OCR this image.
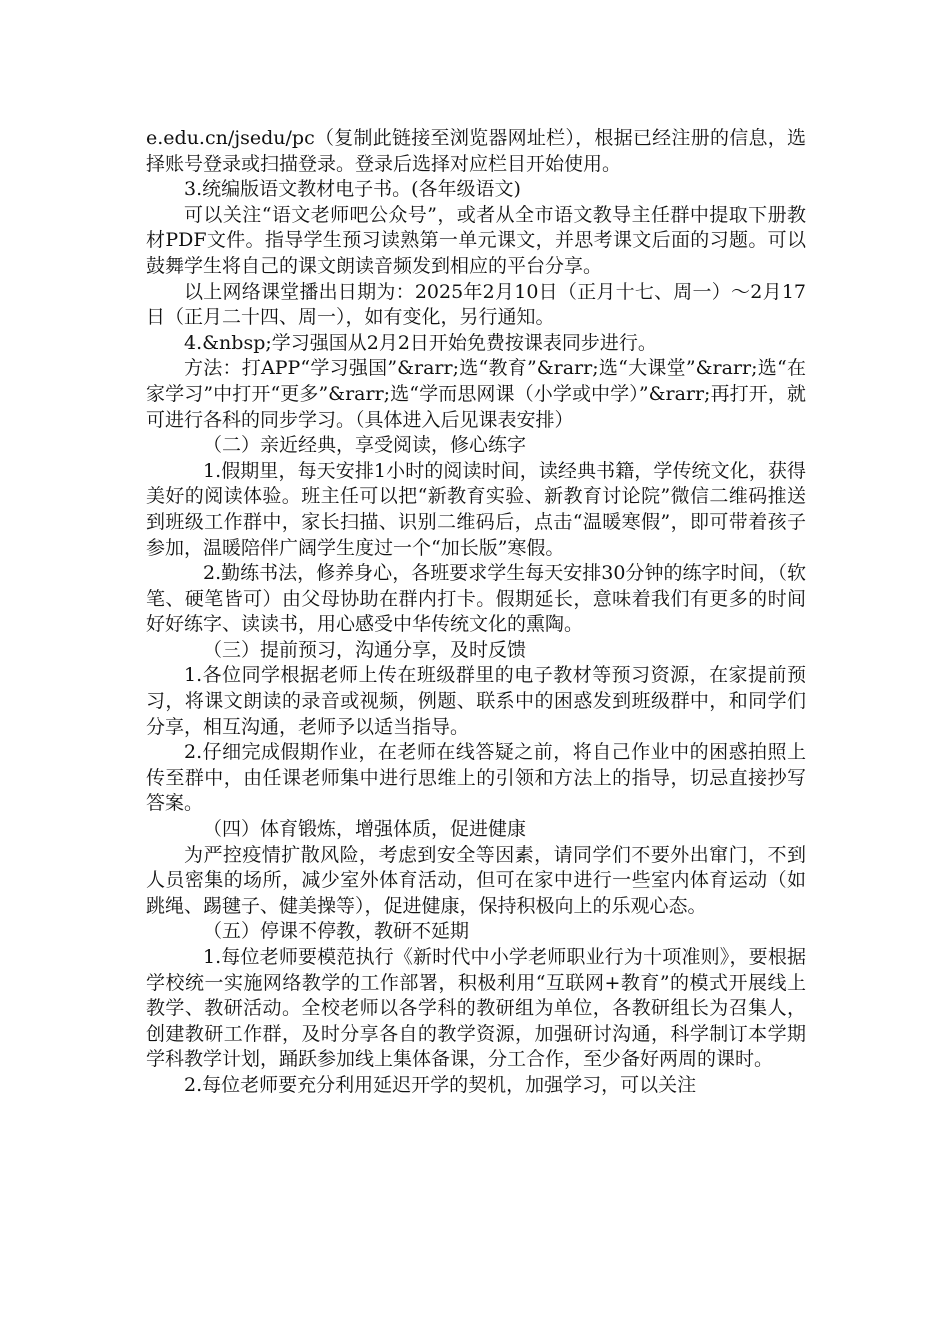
e.edu.cn/jsedu/pc（复制此链接至浏览器网址栏），根据已经注册的信息，选择账号登录或扫描登录。登录后选择对应栏目开始使用。

3.统编版语文教材电子书。(各年级语文)

可以关注“语文老师吧公众号”，或者从全市语文教导主任群中提取下册教材PDF文件。指导学生预习读熟第一单元课文，并思考课文后面的习题。可以鼓舞学生将自己的课文朗读音频发到相应的平台分享。

以上网络课堂播出日期为：2025年2月10日（正月十七、周一）～2月17日（正月二十四、周一），如有变化，另行通知。

4.&nbsp;学习强国从2月2日开始免费按课表同步进行。

方法：打APP“学习强国”&rarr;选“教育”&rarr;选“大课堂”&rarr;选“在家学习”中打开“更多”&rarr;选“学而思网课（小学或中学）”&rarr;再打开，就可进行各科的同步学习。（具体进入后见课表安排）

（二）亲近经典，享受阅读，修心练字

1.假期里，每天安排1小时的阅读时间，读经典书籍，学传统文化，获得美好的阅读体验。班主任可以把“新教育实验、新教育讨论院”微信二维码推送到班级工作群中，家长扫描、识别二维码后，点击“温暖寒假”，即可带着孩子参加，温暖陪伴广阔学生度过一个“加长版”寒假。

2.勤练书法，修养身心，各班要求学生每天安排30分钟的练字时间，（软笔、硬笔皆可）由父母协助在群内打卡。假期延长，意味着我们有更多的时间好好练字、读读书，用心感受中华传统文化的熏陶。

（三）提前预习，沟通分享，及时反馈

1.各位同学根据老师上传在班级群里的电子教材等预习资源，在家提前预习，将课文朗读的录音或视频，例题、联系中的困惑发到班级群中，和同学们分享，相互沟通，老师予以适当指导。

2.仔细完成假期作业，在老师在线答疑之前，将自己作业中的困惑拍照上传至群中，由任课老师集中进行思维上的引领和方法上的指导，切忌直接抄写答案。

（四）体育锻炼，增强体质，促进健康

为严控疫情扩散风险，考虑到安全等因素，请同学们不要外出窜门，不到人员密集的场所，减少室外体育活动，但可在家中进行一些室内体育运动（如跳绳、踢毽子、健美操等），促进健康，保持积极向上的乐观心态。

（五）停课不停教，教研不延期

1.每位老师要模范执行《新时代中小学老师职业行为十项准则》，要根据学校统一实施网络教学的工作部署，积极利用“互联网+教育”的模式开展线上教学、教研活动。全校老师以各学科的教研组为单位，各教研组长为召集人，创建教研工作群，及时分享各自的教学资源，加强研讨沟通，科学制订本学期学科教学计划，踊跃参加线上集体备课，分工合作，至少备好两周的课时。

2.每位老师要充分利用延迟开学的契机，加强学习，可以关注
